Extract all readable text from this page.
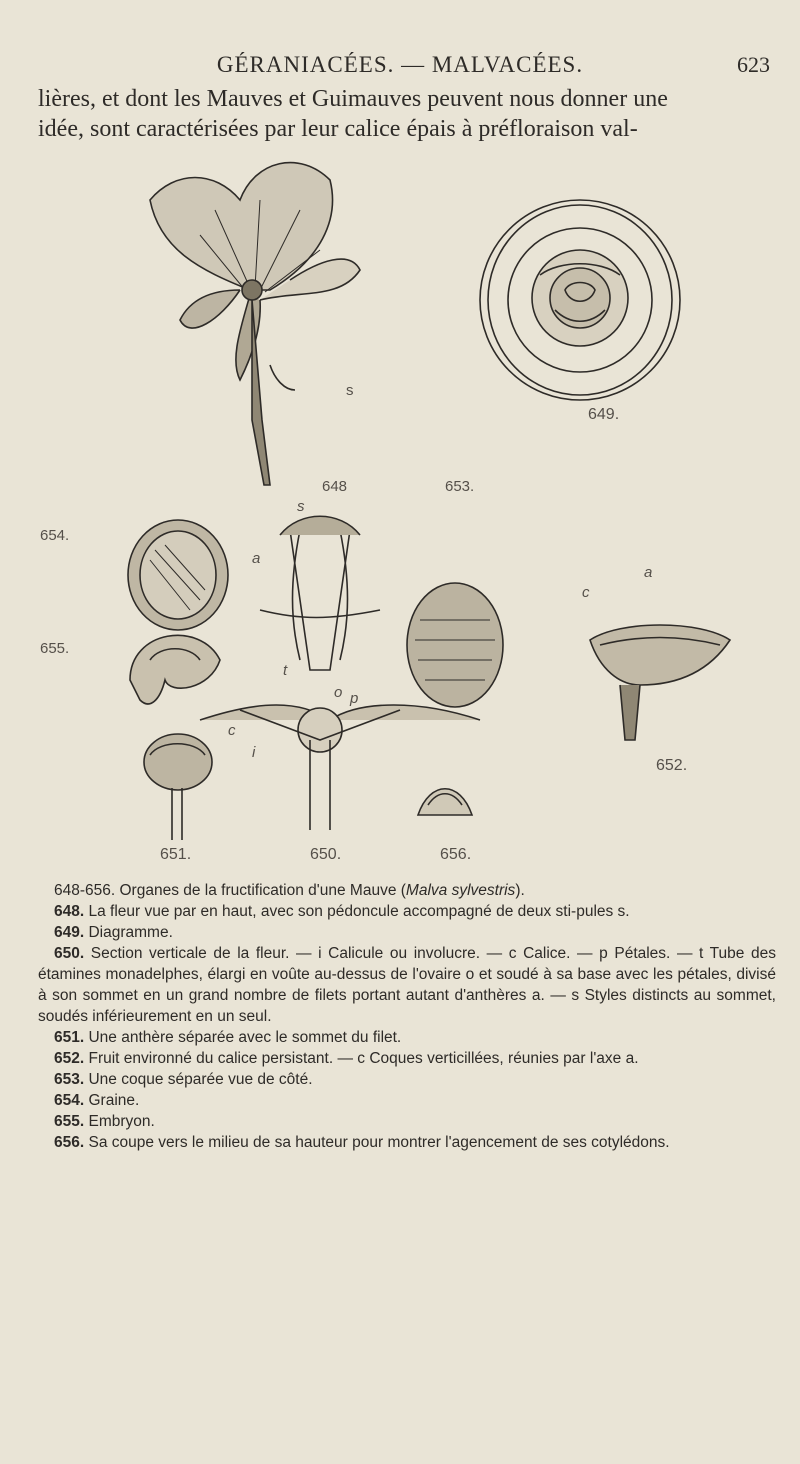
GÉRANIACÉES. — MALVACÉES.	623
lières, et dont les Mauves et Guimauves peuvent nous donner une
idée, sont caractérisées par leur calice épais à préfloraison val-
s
649.
648	653.
654.
655.
s
a
t
o p
c
i
a
c
652.
651.	650.	656.

648-656. Organes de la fructification d'une Mauve (Malva sylvestris).

648. La fleur vue par en haut, avec son pédoncule accompagné de deux sti-pules s.

649. Diagramme.

650. Section verticale de la fleur. — i Calicule ou involucre. — c Calice. — p Pétales. — t Tube des étamines monadelphes, élargi en voûte au-dessus de l'ovaire o et soudé à sa base avec les pétales, divisé à son sommet en un grand nombre de filets portant autant d'anthères a. — s Styles distincts au sommet, soudés inférieurement en un seul.

651. Une anthère séparée avec le sommet du filet.

652. Fruit environné du calice persistant. — c Coques verticillées, réunies par l'axe a.

653. Une coque séparée vue de côté.

654. Graine.

655. Embryon.

656. Sa coupe vers le milieu de sa hauteur pour montrer l'agencement de ses cotylédons.
